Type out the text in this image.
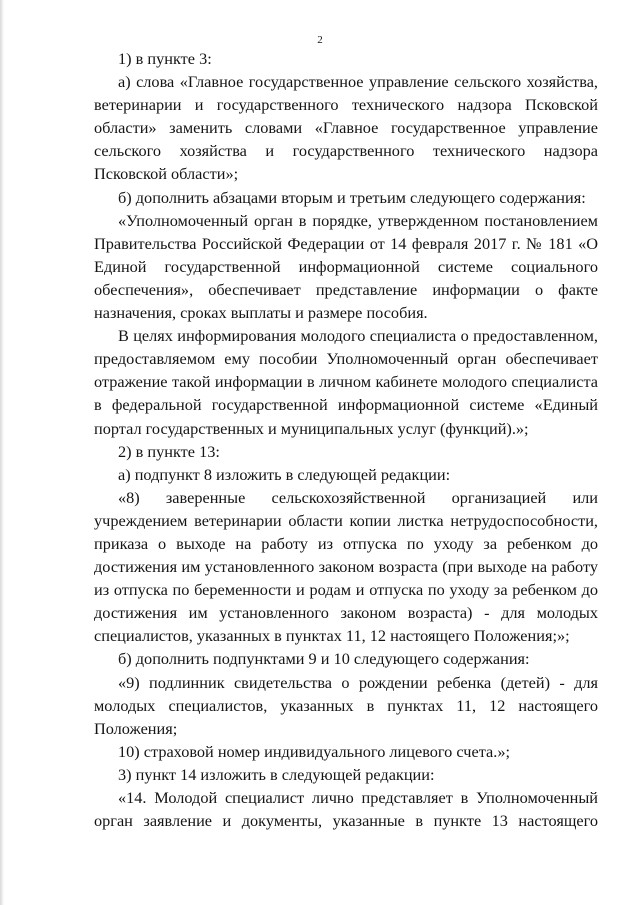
2

1) в пункте 3:

а) слова «Главное государственное управление сельского хозяйства, ветеринарии и государственного технического надзора Псковской области» заменить словами «Главное государственное управление сельского хозяйства и государственного технического надзора Псковской области»;

б) дополнить абзацами вторым и третьим следующего содержания:

«Уполномоченный орган в порядке, утвержденном постановлением Правительства Российской Федерации от 14 февраля 2017 г. № 181 «О Единой государственной информационной системе социального обеспечения», обеспечивает представление информации о факте назначения, сроках выплаты и размере пособия.

В целях информирования молодого специалиста о предоставленном, предоставляемом ему пособии Уполномоченный орган обеспечивает отражение такой информации в личном кабинете молодого специалиста в федеральной государственной информационной системе «Единый портал государственных и муниципальных услуг (функций).»;

2) в пункте 13:

а) подпункт 8 изложить в следующей редакции:

«8) заверенные сельскохозяйственной организацией или учреждением ветеринарии области копии листка нетрудоспособности, приказа о выходе на работу из отпуска по уходу за ребенком до достижения им установленного законом возраста (при выходе на работу из отпуска по беременности и родам и отпуска по уходу за ребенком до достижения им установленного законом возраста) - для молодых специалистов, указанных в пунктах 11, 12 настоящего Положения;»;

б) дополнить подпунктами 9 и 10 следующего содержания:

«9) подлинник свидетельства о рождении ребенка (детей) - для молодых специалистов, указанных в пунктах 11, 12 настоящего Положения;

10) страховой номер индивидуального лицевого счета.»;

3) пункт 14 изложить в следующей редакции:

«14. Молодой специалист лично представляет в Уполномоченный орган заявление и документы, указанные в пункте 13 настоящего
